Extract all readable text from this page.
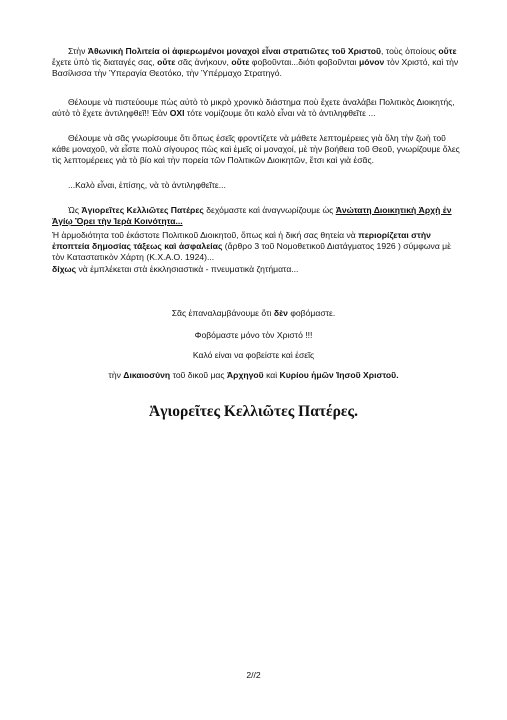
Στὴν Ἀθωνικὴ Πολιτεία οἱ ἀφιερωμένοι μοναχοὶ εἶναι στρατιῶτες τοῦ Χριστοῦ, τοὺς ὁποίους οὔτε ἔχετε ὑπὸ τὶς διαταγές σας, οὔτε σᾶς ἀνήκουν, οὔτε φοβοῦνται...διότι φοβοῦνται μόνον τὸν Χριστό, καὶ τὴν Βασίλισσα τὴν Ὑπεραγία Θεοτόκο, τὴν Ὑπέρμαχο Στρατηγό.
Θέλουμε νὰ πιστεύουμε πὼς αὐτὸ τὸ μικρὸ χρονικὸ διάστημα ποὺ ἔχετε ἀναλάβει Πολιτικὸς Διοικητής, αὐτὸ τὸ ἔχετε ἀντιληφθεῖ!! Ἐὰν ΟΧΙ τότε νομίζουμε ὅτι καλὸ εἶναι νὰ τὸ ἀντιληφθεῖτε ...
Θέλουμε νὰ σᾶς γνωρίσουμε ὅτι ὅπως ἐσεῖς φροντίζετε νὰ μάθετε λεπτομέρειες γιὰ ὅλη τὴν ζωὴ τοῦ κάθε μοναχοῦ, νὰ εἶστε πολὺ σίγουρος πὼς καὶ ἐμεῖς οἱ μοναχοί, μὲ τὴν βοήθεια τοῦ Θεοῦ, γνωρίζουμε ὅλες τὶς λεπτομέρειες γιὰ τὸ βίο καὶ τὴν πορεία τῶν Πολιτικῶν Διοικητῶν, ἔτσι καὶ γιὰ ἐσᾶς.
...Καλὸ εἶναι, ἐπίσης, νὰ τὸ ἀντιληφθεῖτε...
Ὡς Ἁγιορεῖτες Κελλιῶτες Πατέρες δεχόμαστε καὶ ἀναγνωρίζουμε ὡς Ἀνώτατη Διοικητικὴ Ἀρχὴ ἐν Ἁγίῳ Ὄρει τὴν Ἱερὰ Κοινότητα...
Ἡ ἁρμοδιότητα τοῦ ἑκάστοτε Πολιτικοῦ Διοικητοῦ, ὅπως καὶ ἡ δική σας θητεία νὰ περιορίζεται στὴν ἐποπτεία δημοσίας τάξεως καὶ ἀσφαλείας (ἄρθρο 3 τοῦ Νομοθετικοῦ Διατάγματος 1926 ) σύμφωνα μὲ τὸν Καταστατικὸν Χάρτη (Κ.Χ.Α.Ο. 1924)...
δίχως νὰ ἐμπλέκεται στὰ ἐκκλησιαστικὰ - πνευματικὰ ζητήματα...
Σᾶς ἐπαναλαμβάνουμε ὅτι δὲν φοβόμαστε.
Φοβόμαστε μόνο τὸν Χριστό !!!
Καλό είναι να φοβείστε καὶ ἐσεῖς
τὴν Δικαιοσύνη τοῦ δικοῦ μας Ἀρχηγοῦ καὶ Κυρίου ἡμῶν Ἰησοῦ Χριστοῦ.
Ἁγιορεῖτες Κελλιῶτες Πατέρες.
2//2
